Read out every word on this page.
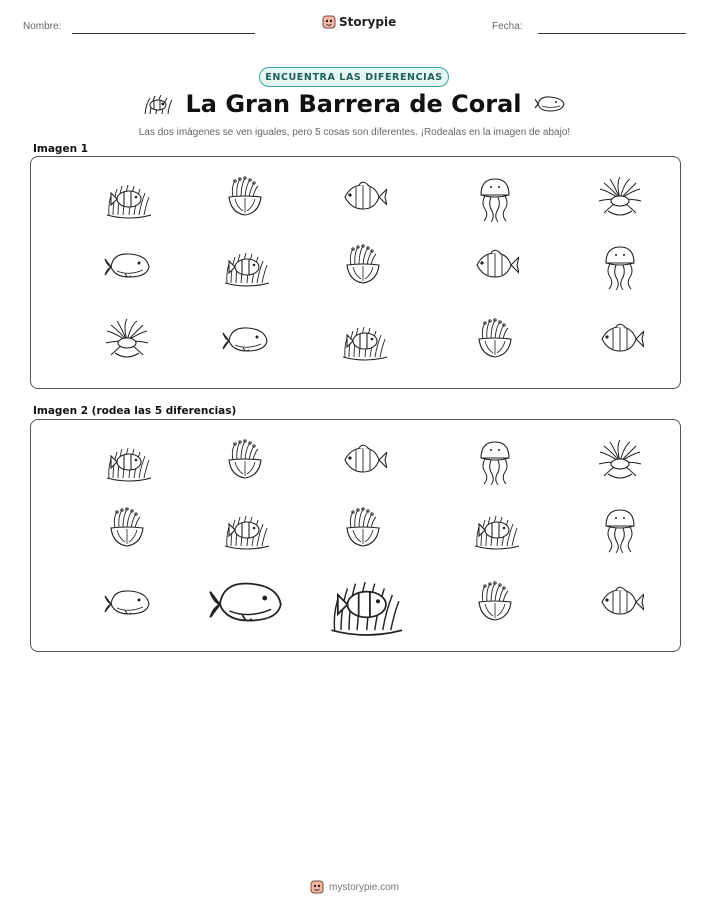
Nombre:	Storypie	Fecha:
ENCUENTRA LAS DIFERENCIAS
La Gran Barrera de Coral
Las dos imágenes se ven iguales, pero 5 cosas son diferentes. ¡Rodealas en la imagen de abajo!
Imagen 1
Imagen 2 (rodea las 5 diferencias)
mystorypie.com
